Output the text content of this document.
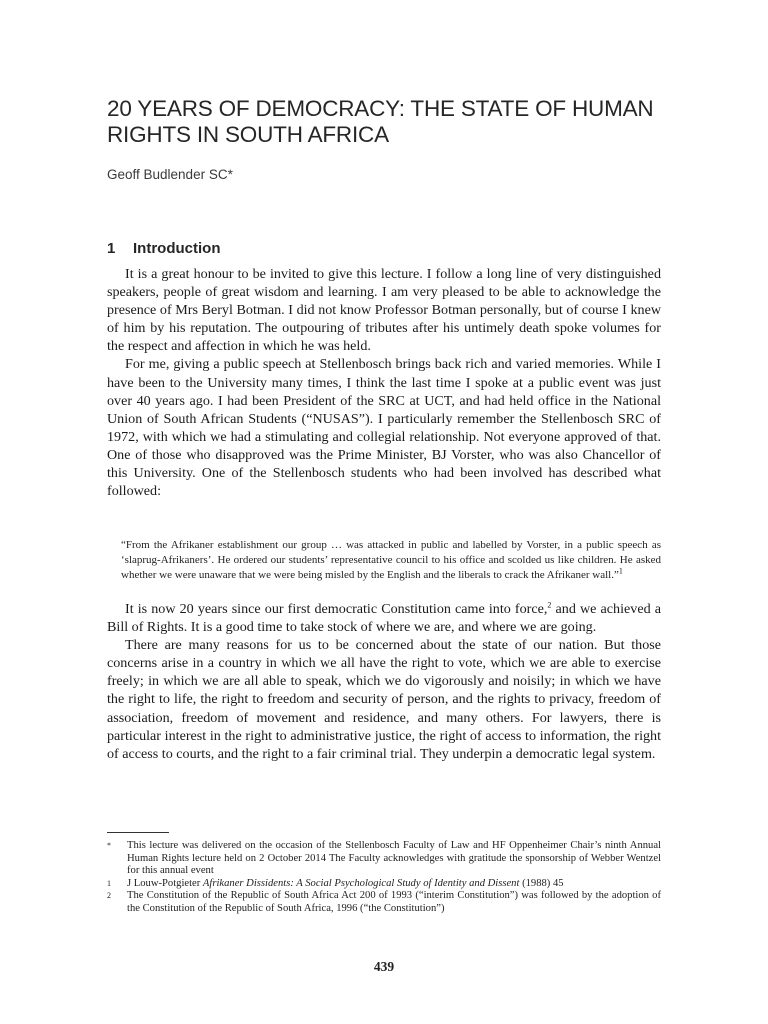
20 YEARS OF DEMOCRACY: THE STATE OF HUMAN RIGHTS IN SOUTH AFRICA
Geoff Budlender SC*
1 Introduction

It is a great honour to be invited to give this lecture. I follow a long line of very distinguished speakers, people of great wisdom and learning. I am very pleased to be able to acknowledge the presence of Mrs Beryl Botman. I did not know Professor Botman personally, but of course I knew of him by his reputation. The outpouring of tributes after his untimely death spoke volumes for the respect and affection in which he was held.

For me, giving a public speech at Stellenbosch brings back rich and varied memories. While I have been to the University many times, I think the last time I spoke at a public event was just over 40 years ago. I had been President of the SRC at UCT, and had held office in the National Union of South African Students (“NUSAS”). I particularly remember the Stellenbosch SRC of 1972, with which we had a stimulating and collegial relationship. Not everyone approved of that. One of those who disapproved was the Prime Minister, BJ Vorster, who was also Chancellor of this University. One of the Stellenbosch students who had been involved has described what followed:

“From the Afrikaner establishment our group … was attacked in public and labelled by Vorster, in a public speech as ‘slaprug-Afrikaners’. He ordered our students’ representative council to his office and scolded us like children. He asked whether we were unaware that we were being misled by the English and the liberals to crack the Afrikaner wall.”$^1$

It is now 20 years since our first democratic Constitution came into force,$^2$ and we achieved a Bill of Rights. It is a good time to take stock of where we are, and where we are going.

There are many reasons for us to be concerned about the state of our nation. But those concerns arise in a country in which we all have the right to vote, which we are able to exercise freely; in which we are all able to speak, which we do vigorously and noisily; in which we have the right to life, the right to freedom and security of person, and the rights to privacy, freedom of association, freedom of movement and residence, and many others. For lawyers, there is particular interest in the right to administrative justice, the right of access to information, the right of access to courts, and the right to a fair criminal trial. They underpin a democratic legal system.

*	This lecture was delivered on the occasion of the Stellenbosch Faculty of Law and HF Oppenheimer Chair’s ninth Annual Human Rights lecture held on 2 October 2014 The Faculty acknowledges with gratitude the sponsorship of Webber Wentzel for this annual event
1	J Louw-Potgieter Afrikaner Dissidents: A Social Psychological Study of Identity and Dissent (1988) 45
2	The Constitution of the Republic of South Africa Act 200 of 1993 (“interim Constitution”) was followed by the adoption of the Constitution of the Republic of South Africa, 1996 (“the Constitution”)
439
